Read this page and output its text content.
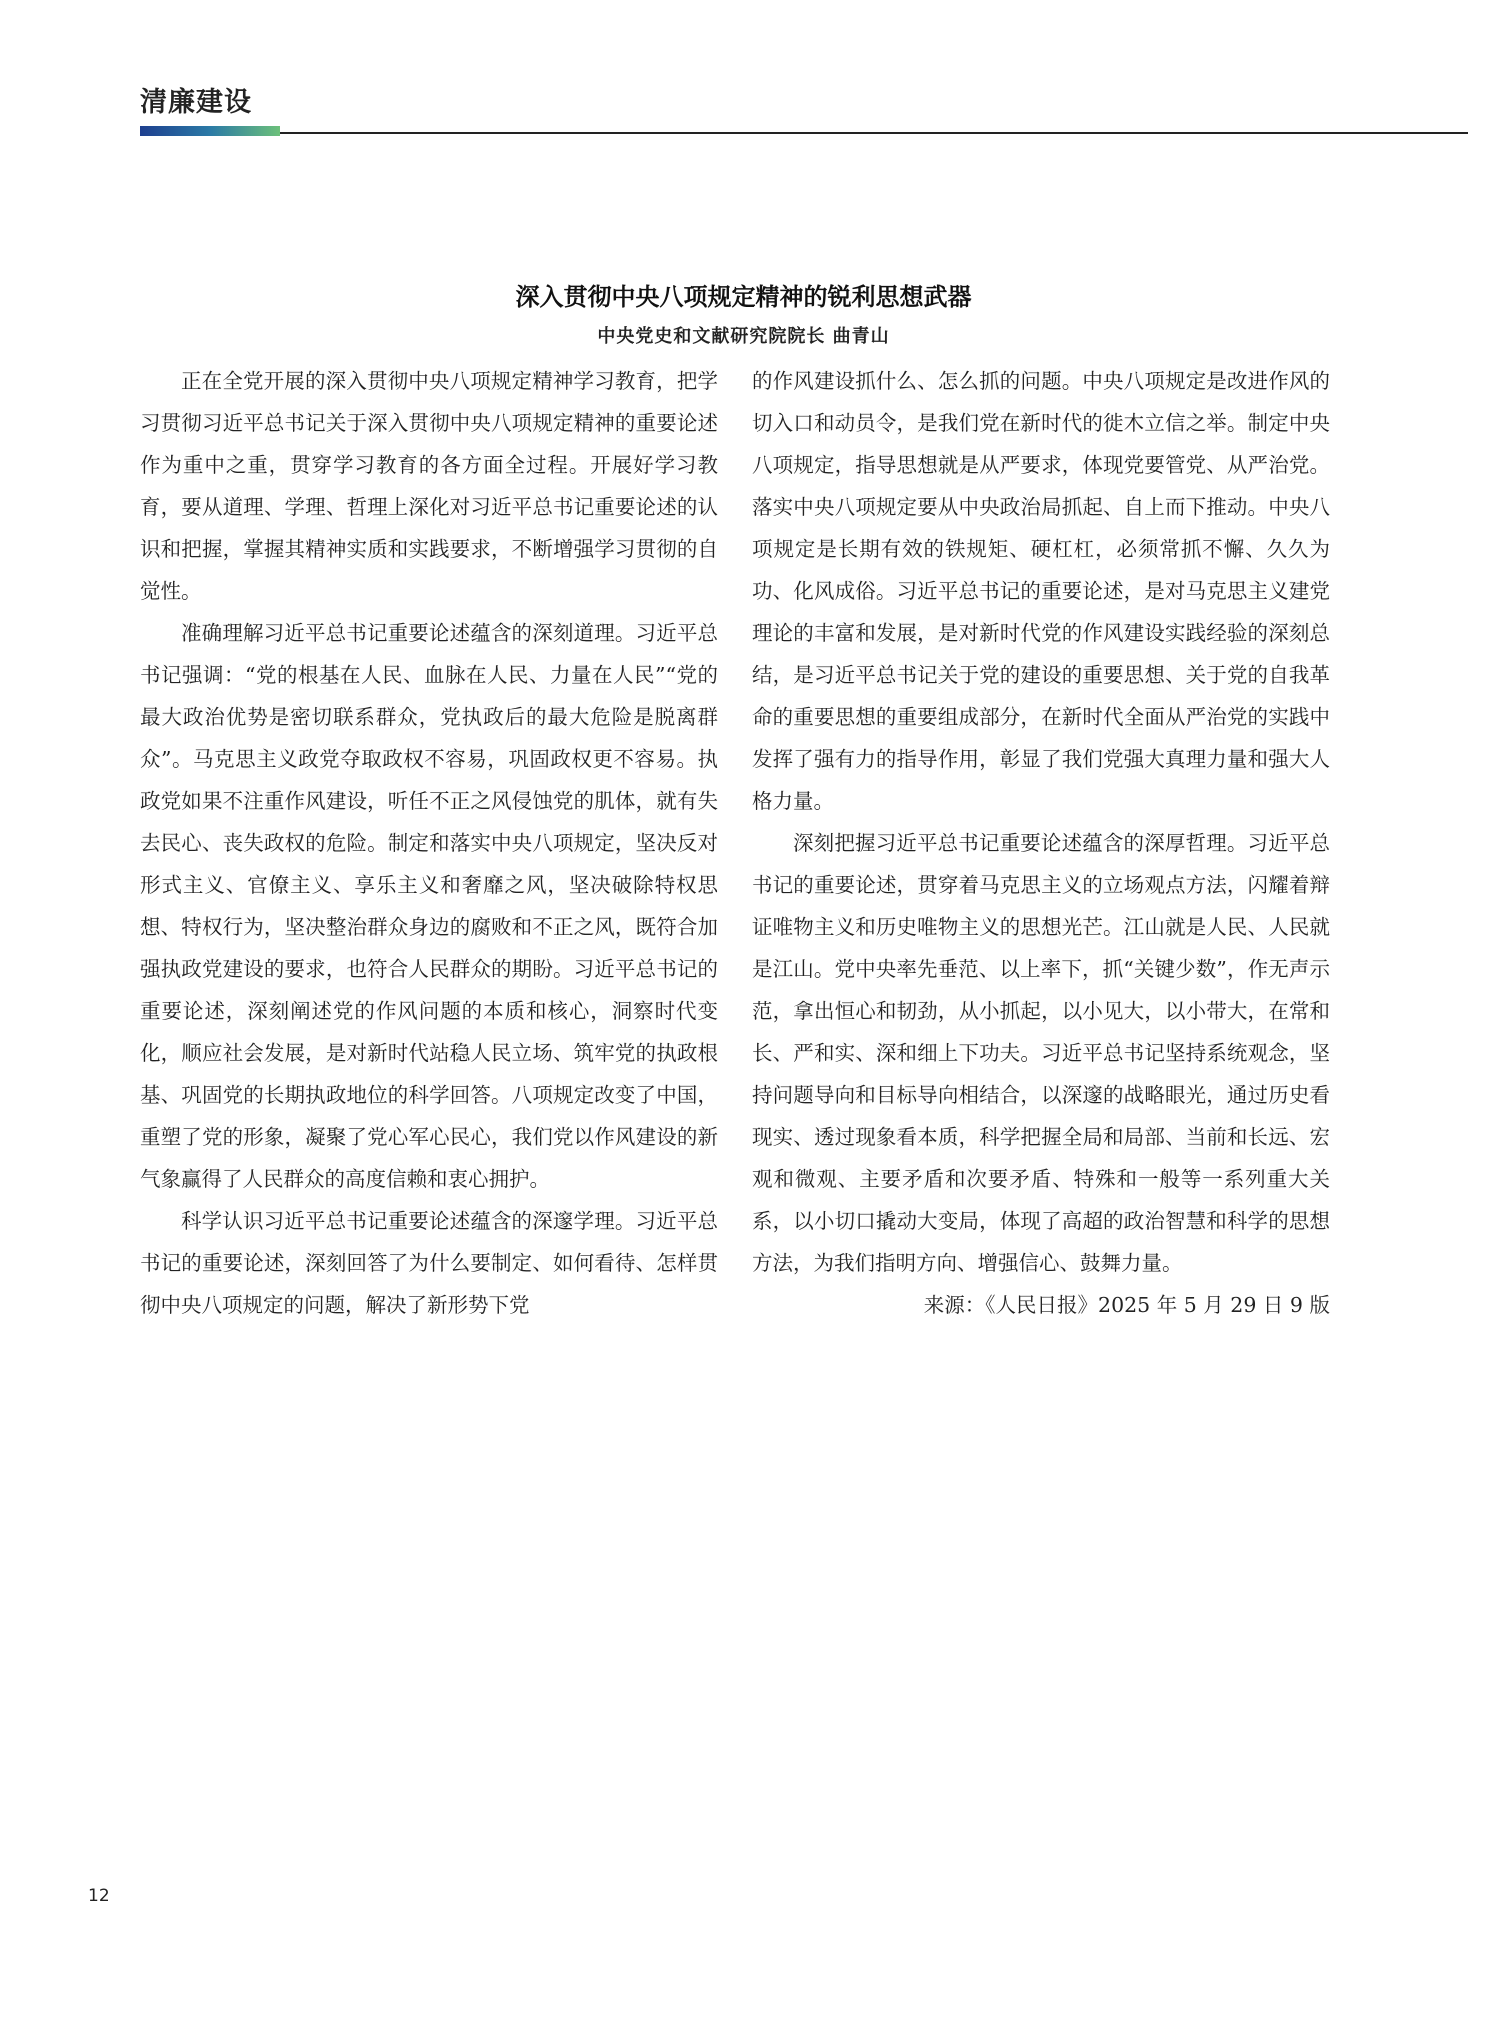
清廉建设
深入贯彻中央八项规定精神的锐利思想武器
中央党史和文献研究院院长 曲青山

正在全党开展的深入贯彻中央八项规定精神学习教育，把学习贯彻习近平总书记关于深入贯彻中央八项规定精神的重要论述作为重中之重，贯穿学习教育的各方面全过程。开展好学习教育，要从道理、学理、哲理上深化对习近平总书记重要论述的认识和把握，掌握其精神实质和实践要求，不断增强学习贯彻的自觉性。

准确理解习近平总书记重要论述蕴含的深刻道理。习近平总书记强调：“党的根基在人民、血脉在人民、力量在人民”“党的最大政治优势是密切联系群众，党执政后的最大危险是脱离群众”。马克思主义政党夺取政权不容易，巩固政权更不容易。执政党如果不注重作风建设，听任不正之风侵蚀党的肌体，就有失去民心、丧失政权的危险。制定和落实中央八项规定，坚决反对形式主义、官僚主义、享乐主义和奢靡之风，坚决破除特权思想、特权行为，坚决整治群众身边的腐败和不正之风，既符合加强执政党建设的要求，也符合人民群众的期盼。习近平总书记的重要论述，深刻阐述党的作风问题的本质和核心，洞察时代变化，顺应社会发展，是对新时代站稳人民立场、筑牢党的执政根基、巩固党的长期执政地位的科学回答。八项规定改变了中国，重塑了党的形象，凝聚了党心军心民心，我们党以作风建设的新气象赢得了人民群众的高度信赖和衷心拥护。

科学认识习近平总书记重要论述蕴含的深邃学理。习近平总书记的重要论述，深刻回答了为什么要制定、如何看待、怎样贯彻中央八项规定的问题，解决了新形势下党

的作风建设抓什么、怎么抓的问题。中央八项规定是改进作风的切入口和动员令，是我们党在新时代的徙木立信之举。制定中央八项规定，指导思想就是从严要求，体现党要管党、从严治党。落实中央八项规定要从中央政治局抓起、自上而下推动。中央八项规定是长期有效的铁规矩、硬杠杠，必须常抓不懈、久久为功、化风成俗。习近平总书记的重要论述，是对马克思主义建党理论的丰富和发展，是对新时代党的作风建设实践经验的深刻总结，是习近平总书记关于党的建设的重要思想、关于党的自我革命的重要思想的重要组成部分，在新时代全面从严治党的实践中发挥了强有力的指导作用，彰显了我们党强大真理力量和强大人格力量。

深刻把握习近平总书记重要论述蕴含的深厚哲理。习近平总书记的重要论述，贯穿着马克思主义的立场观点方法，闪耀着辩证唯物主义和历史唯物主义的思想光芒。江山就是人民、人民就是江山。党中央率先垂范、以上率下，抓“关键少数”，作无声示范，拿出恒心和韧劲，从小抓起，以小见大，以小带大，在常和长、严和实、深和细上下功夫。习近平总书记坚持系统观念，坚持问题导向和目标导向相结合，以深邃的战略眼光，通过历史看现实、透过现象看本质，科学把握全局和局部、当前和长远、宏观和微观、主要矛盾和次要矛盾、特殊和一般等一系列重大关系，以小切口撬动大变局，体现了高超的政治智慧和科学的思想方法，为我们指明方向、增强信心、鼓舞力量。

来源：《人民日报》2025 年 5 月 29 日 9 版

12
